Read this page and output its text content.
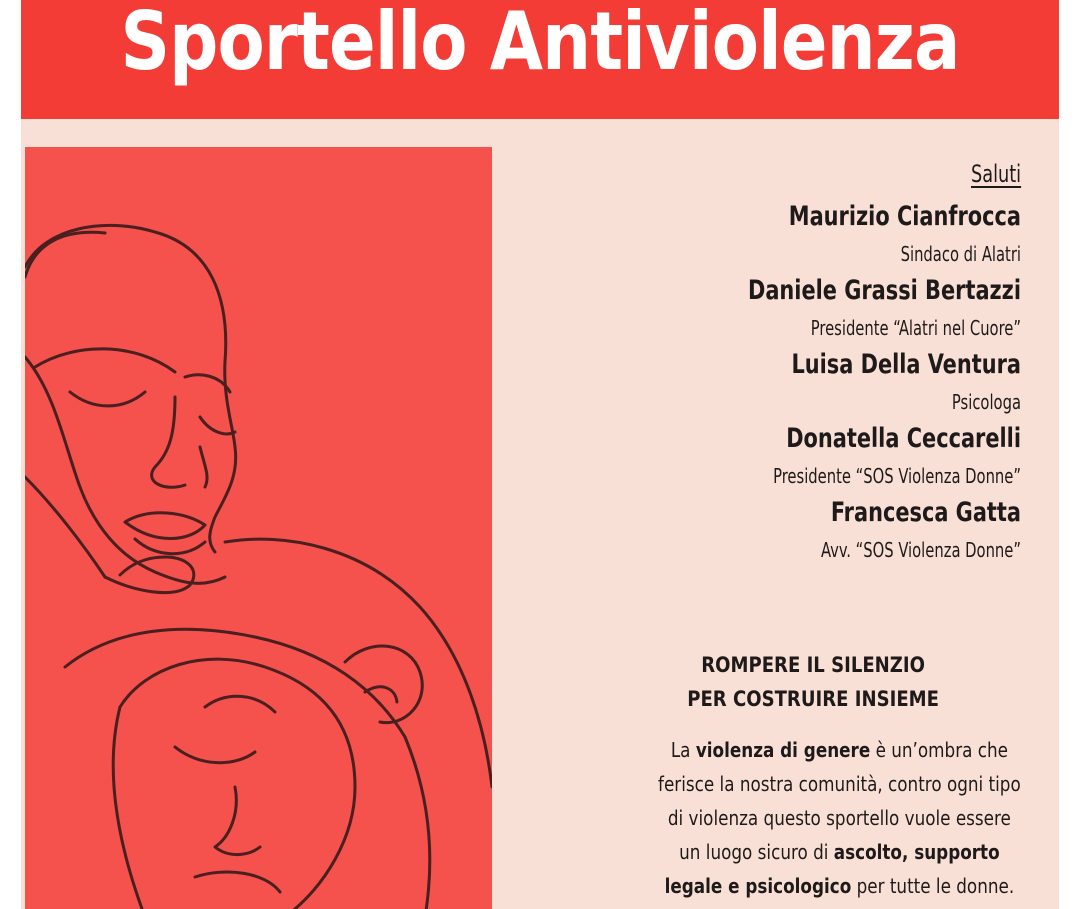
Sportello Antiviolenza
Saluti
Maurizio Cianfrocca
Sindaco di Alatri
Daniele Grassi Bertazzi
Presidente “Alatri nel Cuore”
Luisa Della Ventura
Psicologa
Donatella Ceccarelli
Presidente “SOS Violenza Donne”
Francesca Gatta
Avv. “SOS Violenza Donne”
ROMPERE IL SILENZIO
PER COSTRUIRE INSIEME
La violenza di genere è un’ombra che
ferisce la nostra comunità, contro ogni tipo
di violenza questo sportello vuole essere
un luogo sicuro di ascolto, supporto
legale e psicologico per tutte le donne.
